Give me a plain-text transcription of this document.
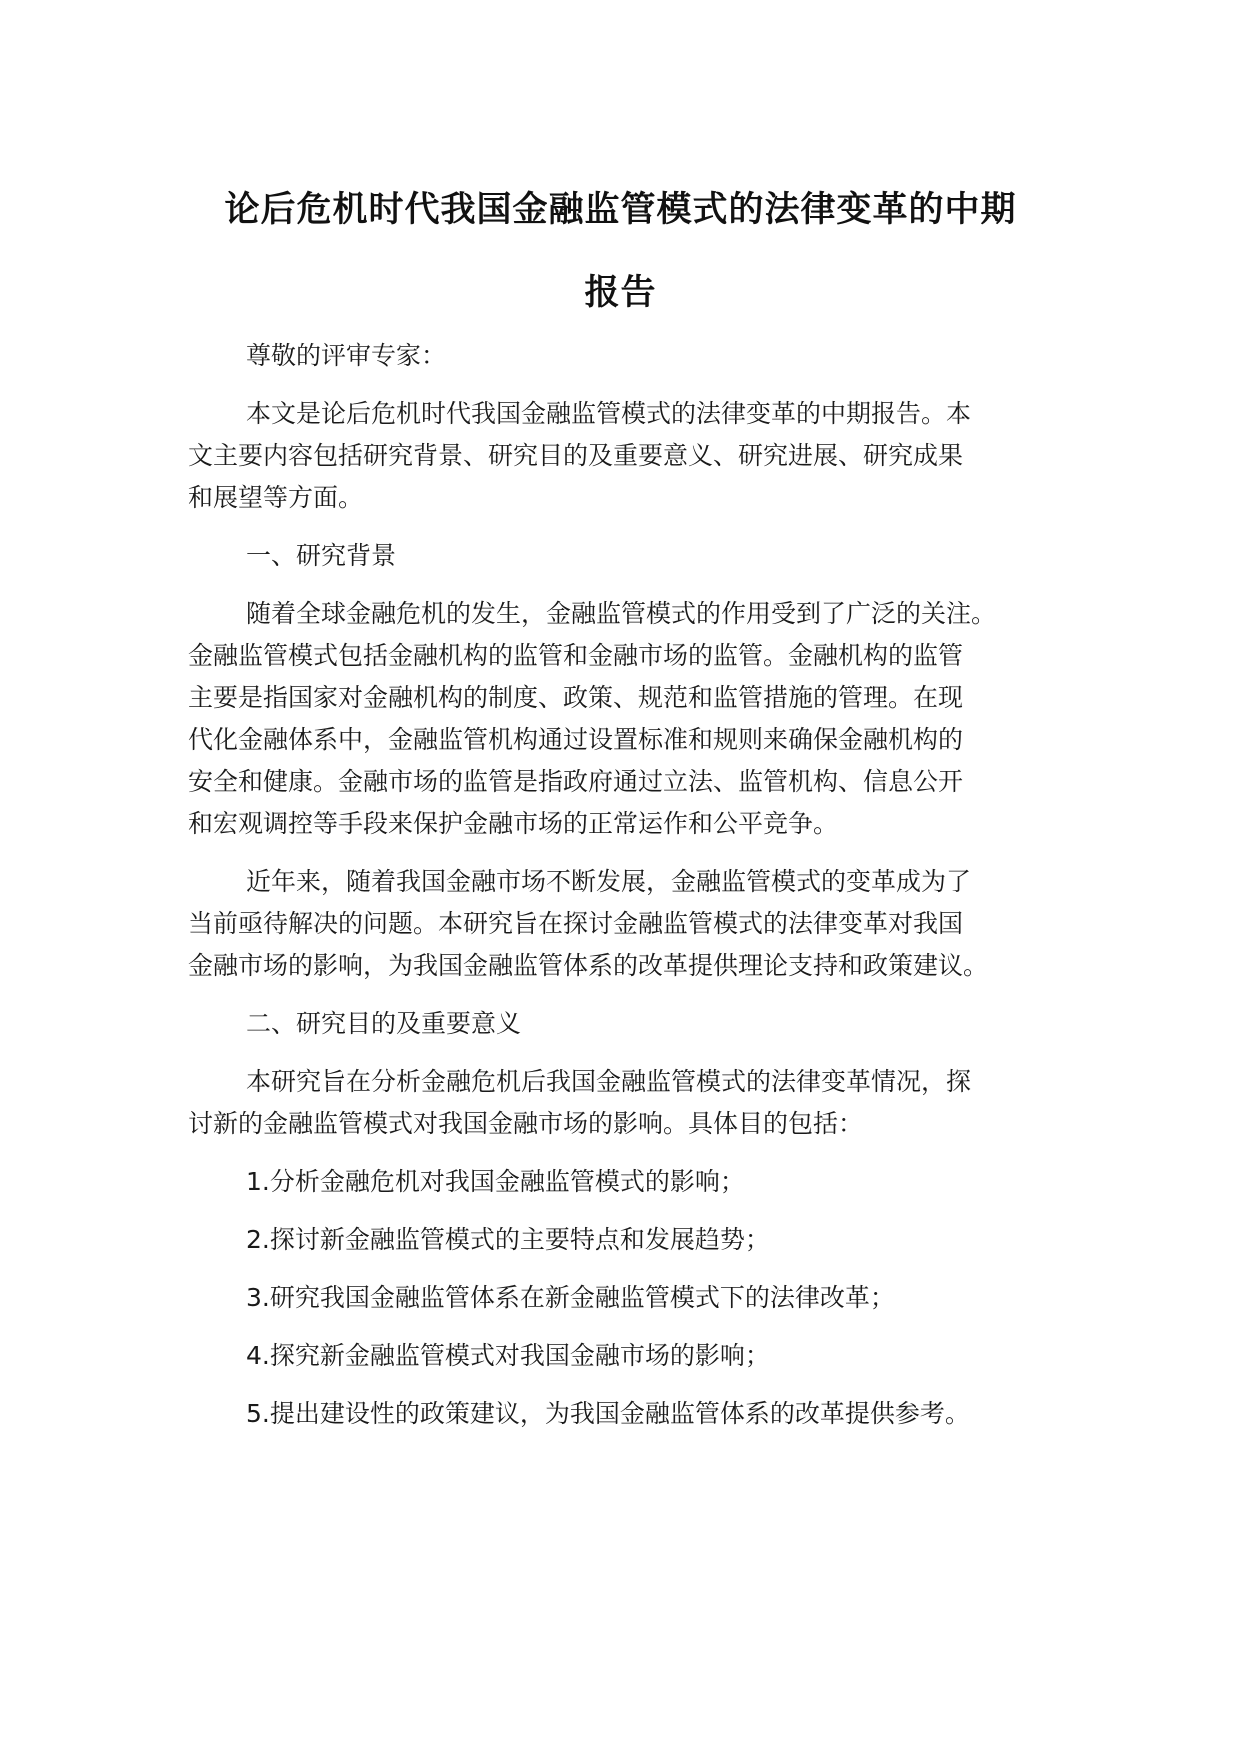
论后危机时代我国金融监管模式的法律变革的中期
报告
尊敬的评审专家：
本文是论后危机时代我国金融监管模式的法律变革的中期报告。本
文主要内容包括研究背景、研究目的及重要意义、研究进展、研究成果
和展望等方面。
一、研究背景
随着全球金融危机的发生，金融监管模式的作用受到了广泛的关注。
金融监管模式包括金融机构的监管和金融市场的监管。金融机构的监管
主要是指国家对金融机构的制度、政策、规范和监管措施的管理。在现
代化金融体系中，金融监管机构通过设置标准和规则来确保金融机构的
安全和健康。金融市场的监管是指政府通过立法、监管机构、信息公开
和宏观调控等手段来保护金融市场的正常运作和公平竞争。
近年来，随着我国金融市场不断发展，金融监管模式的变革成为了
当前亟待解决的问题。本研究旨在探讨金融监管模式的法律变革对我国
金融市场的影响，为我国金融监管体系的改革提供理论支持和政策建议。
二、研究目的及重要意义
本研究旨在分析金融危机后我国金融监管模式的法律变革情况，探
讨新的金融监管模式对我国金融市场的影响。具体目的包括：
1.分析金融危机对我国金融监管模式的影响；
2.探讨新金融监管模式的主要特点和发展趋势；
3.研究我国金融监管体系在新金融监管模式下的法律改革；
4.探究新金融监管模式对我国金融市场的影响；
5.提出建设性的政策建议，为我国金融监管体系的改革提供参考。
